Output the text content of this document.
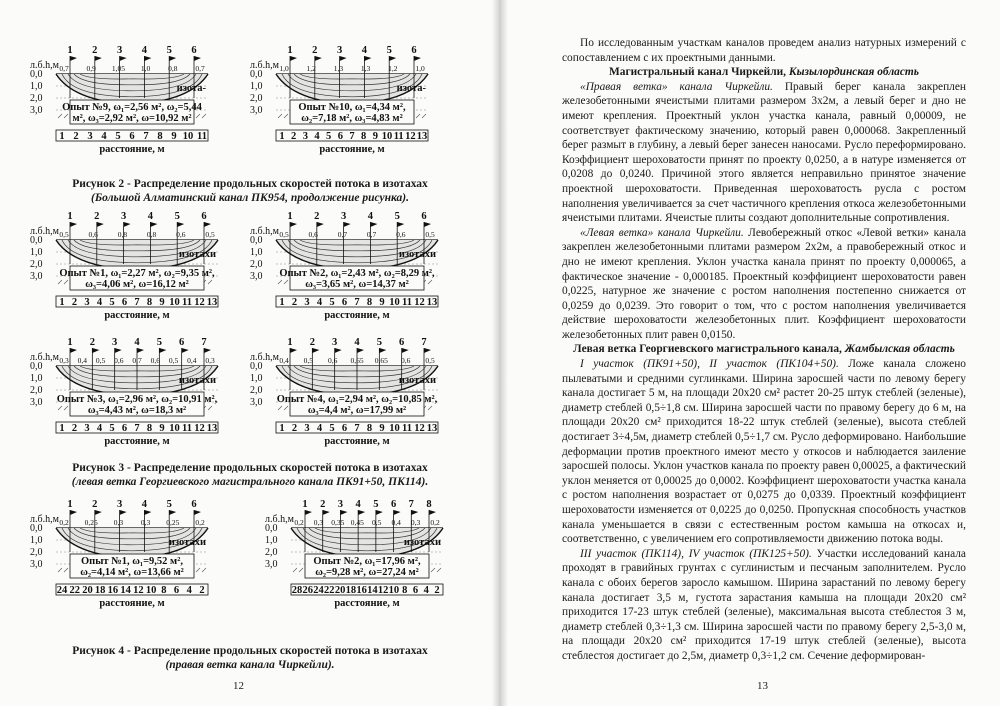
л.б.h,м
0,0
1,0
2,0
3,0
1 2 3 4 5 6
0,7 0,9 1,05 1,0 0,8 0,7
изота-
Опыт №9, ω₁=2,56 м², ω₂=5,44
м², ω₃=2,92 м², ω=10,92 м²
1 2 3 4 5 6 7 8 9 10 11
расстояние, м
л.б.h,м
0,0
1,0
2,0
3,0
1 2 3 4 5 6
1,0 1,2 1,3 1,3 1,2 1,0
изота-
Опыт №10, ω₁=4,34 м²,
ω₂=7,18 м², ω₃=4,83 м²
1 2 3 4 5 6 7 8 9 10 11 12 13
расстояние, м
л.б.h,м
0,0
1,0
2,0
3,0
1 2 3 4 5 6
0,5	0,6	0,8	0,8	0,6	0,5
изотахи
Опыт №1, ω₁=2,27 м², ω₂=9,35 м²,
ω₃=4,06 м², ω=16,12 м²
1 2 3 4 5 6 7 8 9 10 11 12 13
расстояние, м
л.б.h,м
0,0
1,0
2,0
3,0
1 2 3 4 5 6
0,5	0,6	0,7	0,7	0,6	0,5
изотахи
Опыт №2, ω₁=2,43 м², ω₂=8,29 м²,
ω₃=3,65 м², ω=14,37 м²
1 2 3 4 5 6 7 8 9 10 11 12 13
расстояние, м
л.б.h,м
0,0
1,0
2,0
3,0
1 2 3 4 5 6 7
0,3 0,4 0,5 0,6 0,7 0,6 0,5 0,4 0,3
изотахи
Опыт №3, ω₁=2,96 м², ω₂=10,91 м²,
ω₃=4,43 м², ω=18,3 м²
1 2 3 4 5 6 7 8 9 10 11 12 13
расстояние, м
л.б.h,м
0,0
1,0
2,0
3,0
1 2 3 4 5 6 7
0,4 0,5 0,6 0,65 0,65 0,6 0,5
изотахи
Опыт №4, ω₁=2,94 м², ω₂=10,85 м²,
ω₃=4,4 м², ω=17,99 м²
1 2 3 4 5 6 7 8 9 10 11 12 13
расстояние, м
л.б.h,м
0,0
1,0
2,0
3,0
1 2 3 4 5 6
0,2 0,25 0,3 0,3 0,25 0,2
изотахи
Опыт №1, ω₁=9,52 м²,
ω₂=4,14 м², ω=13,66 м²
24 22 20 18 16 14 12 10 8 6 4 2
расстояние, м
л.б.h,м
0,0
1,0
2,0
3,0
1 2 3 4 5 6 7 8
0,2 0,3 0,35 0,45 0,5 0,4 0,3 0,2
изотахи
Опыт №2, ω₁=17,96 м²,
ω₂=9,28 м², ω=27,24 м²
28 26 24 22 20 18 16 14 12 10 8 6 4 2
расстояние, м
Рисунок 2 - Распределение продольных скоростей потока в изотахах
(Большой Алматинский канал ПК954, продолжение рисунка).
Рисунок 3 - Распределение продольных скоростей потока в изотахах
(левая ветка Георгиевского магистрального канала ПК91+50, ПК114).
Рисунок 4 - Распределение продольных скоростей потока в изотахах
(правая ветка канала Чиркейли).
12

По исследованным участкам каналов проведем анализ натурных измерений с сопоставлением с их проектными данными.

Магистральный канал Чиркейли, Кызылординская область

«Правая ветка» канала Чиркейли. Правый берег канала закреплен железобетонными ячеистыми плитами размером 3х2м, а левый берег и дно не имеют крепления. Проектный уклон участка канала, равный 0,00009, не соответствует фактическому значению, который равен 0,000068. Закрепленный берег размыт в глубину, а левый берег занесен наносами. Русло переформировано. Коэффициент шероховатости принят по проекту 0,0250, а в натуре изменяется от 0,0208 до 0,0240. Причиной этого является неправильно принятое значение проектной шероховатости. Приведенная шероховатость русла с ростом наполнения увеличивается за счет частичного крепления откоса железобетонными ячеистыми плитами. Ячеистые плиты создают дополнительные сопротивления.

«Левая ветка» канала Чиркейли. Левобережный откос «Левой ветки» канала закреплен железобетонными плитами размером 2х2м, а правобережный откос и дно не имеют крепления. Уклон участка канала принят по проекту 0,000065, а фактическое значение - 0,000185. Проектный коэффициент шероховатости равен 0,0225, натурное же значение с ростом наполнения постепенно снижается от 0,0259 до 0,0239. Это говорит о том, что с ростом наполнения увеличивается действие шероховатости железобетонных плит. Коэффициент шероховатости железобетонных плит равен 0,0150.

Левая ветка Георгиевского магистрального канала, Жамбылская область

I участок (ПК91+50), II участок (ПК104+50). Ложе канала сложено пылеватыми и средними суглинками. Ширина заросшей части по левому берегу канала достигает 5 м, на площади 20х20 см² растет 20-25 штук стеблей (зеленые), диаметр стеблей 0,5÷1,8 см. Ширина заросшей части по правому берегу до 6 м, на площади 20х20 см² приходится 18-22 штук стеблей (зеленые), высота стеблей достигает 3÷4,5м, диаметр стеблей 0,5÷1,7 см. Русло деформировано. Наибольшие деформации против проектного имеют место у откосов и наблюдается заиление заросшей полосы. Уклон участков канала по проекту равен 0,00025, а фактический уклон меняется от 0,00025 до 0,0002. Коэффициент шероховатости участка канала с ростом наполнения возрастает от 0,0275 до 0,0339. Проектный коэффициент шероховатости изменяется от 0,0225 до 0,0250. Пропускная способность участков канала уменьшается в связи с естественным ростом камыша на откосах и, соответственно, с увеличением его сопротивляемости движению потока воды.

III участок (ПК114), IV участок (ПК125+50). Участки исследований канала проходят в гравийных грунтах с суглинистым и песчаным заполнителем. Русло канала с обоих берегов заросло камышом. Ширина зарастаний по левому берегу канала достигает 3,5 м, густота зарастания камыша на площади 20х20 см² приходится 17-23 штук стеблей (зеленые), максимальная высота стеблестоя 3 м, диаметр стеблей 0,3÷1,3 см. Ширина заросшей части по правому берегу 2,5-3,0 м, на площади 20х20 см² приходится 17-19 штук стеблей (зеленые), высота стеблестоя достигает до 2,5м, диаметр 0,3÷1,2 см. Сечение деформирован-

13
